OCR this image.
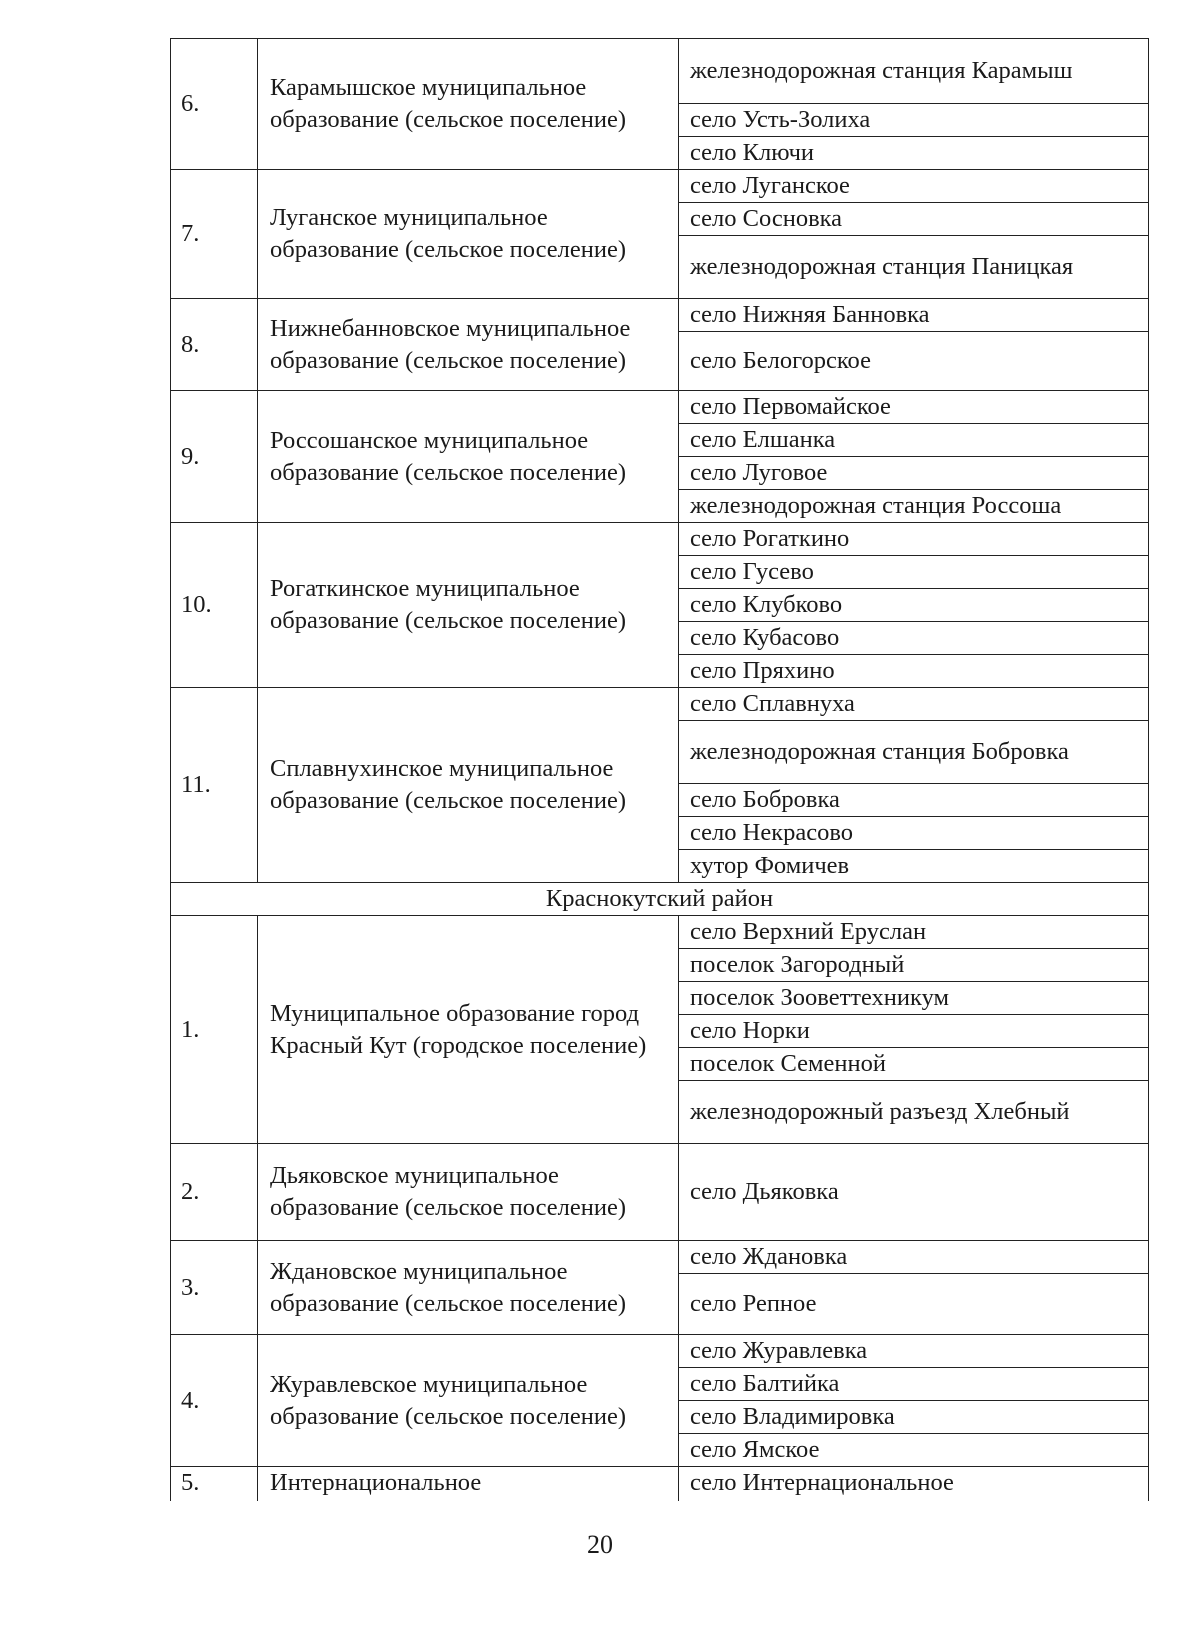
6.	Карамышское муниципальное образование (сельское поселение)	железнодорожная станция Карамыш
		село Усть-Золиха
		село Ключи
7.	Луганское муниципальное образование (сельское поселение)	село Луганское
		село Сосновка
		железнодорожная станция Паницкая
8.	Нижнебанновское муниципальное образование (сельское поселение)	село Нижняя Банновка
		село Белогорское
9.	Россошанское муниципальное образование (сельское поселение)	село Первомайское
		село Елшанка
		село Луговое
		железнодорожная станция Россоша
10.	Рогаткинское муниципальное образование (сельское поселение)	село Рогаткино
		село Гусево
		село Клубково
		село Кубасово
		село Пряхино
11.	Сплавнухинское муниципальное образование (сельское поселение)	село Сплавнуха
		железнодорожная станция Бобровка
		село Бобровка
		село Некрасово
		хутор Фомичев
Краснокутский район		
1.	Муниципальное образование город Красный Кут (городское поселение)	село Верхний Еруслан
		поселок Загородный
		поселок Зооветтехникум
		село Норки
		поселок Семенной
		железнодорожный разъезд Хлебный
2.	Дьяковское муниципальное образование (сельское поселение)	село Дьяковка
3.	Ждановское муниципальное образование (сельское поселение)	село Ждановка
		село Репное
4.	Журавлевское муниципальное образование (сельское поселение)	село Журавлевка
		село Балтийка
		село Владимировка
		село Ямское
5.	Интернациональное	село Интернациональное
20
